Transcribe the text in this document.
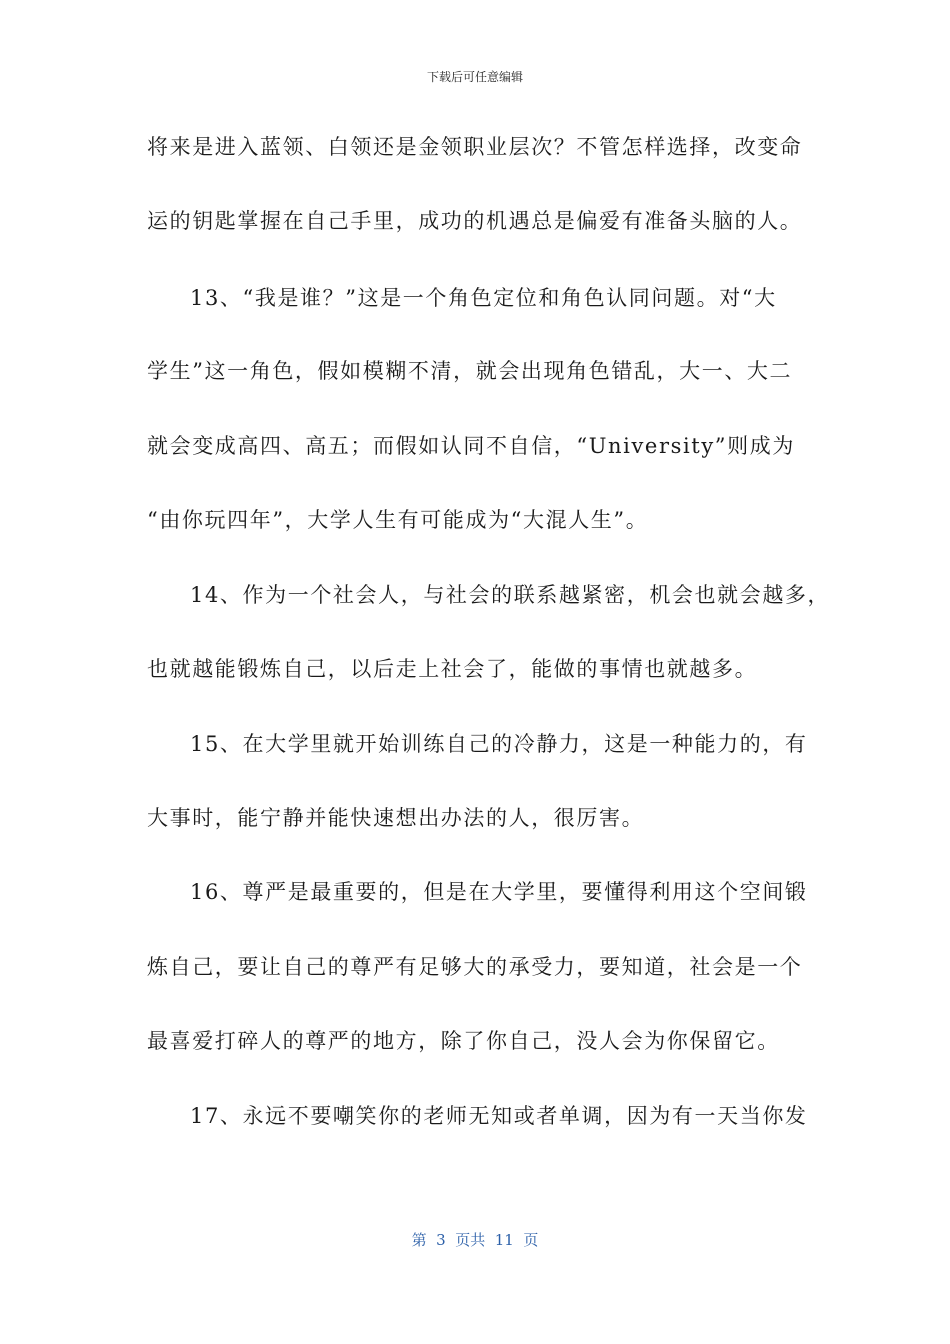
下载后可任意编辑
将来是进入蓝领、白领还是金领职业层次？不管怎样选择，改变命
运的钥匙掌握在自己手里，成功的机遇总是偏爱有准备头脑的人。
13、“我是谁？”这是一个角色定位和角色认同问题。对“大
学生”这一角色，假如模糊不清，就会出现角色错乱，大一、大二
就会变成高四、高五；而假如认同不自信，“University”则成为
“由你玩四年”，大学人生有可能成为“大混人生”。
14、作为一个社会人，与社会的联系越紧密，机会也就会越多，
也就越能锻炼自己，以后走上社会了，能做的事情也就越多。
15、在大学里就开始训练自己的冷静力，这是一种能力的，有
大事时，能宁静并能快速想出办法的人，很厉害。
16、尊严是最重要的，但是在大学里，要懂得利用这个空间锻
炼自己，要让自己的尊严有足够大的承受力，要知道，社会是一个
最喜爱打碎人的尊严的地方，除了你自己，没人会为你保留它。
17、永远不要嘲笑你的老师无知或者单调，因为有一天当你发
第  3  页共  11  页
